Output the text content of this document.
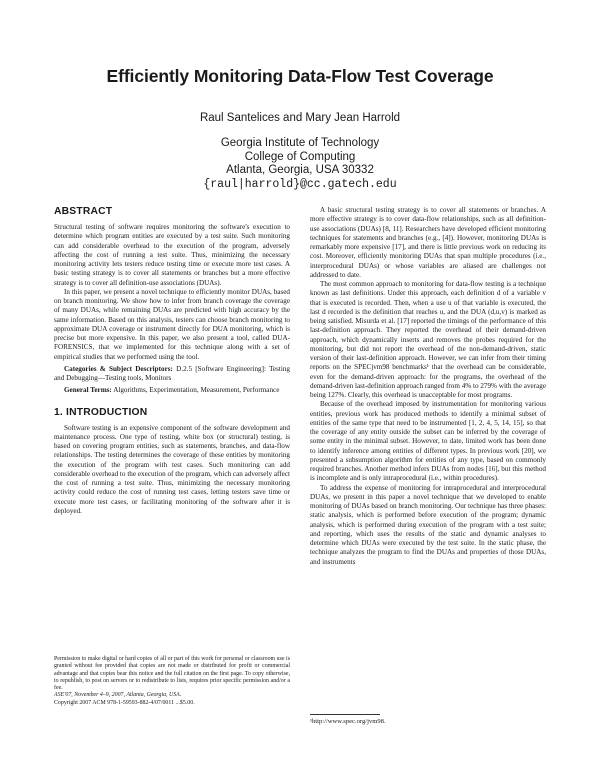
Efficiently Monitoring Data-Flow Test Coverage
Raul Santelices and Mary Jean Harrold
Georgia Institute of Technology
College of Computing
Atlanta, Georgia, USA 30332
{raul|harrold}@cc.gatech.edu
ABSTRACT

Structural testing of software requires monitoring the software's execution to determine which program entities are executed by a test suite. Such monitoring can add considerable overhead to the execution of the program, adversely affecting the cost of running a test suite. Thus, minimizing the necessary monitoring activity lets testers reduce testing time or execute more test cases. A basic testing strategy is to cover all statements or branches but a more effective strategy is to cover all definition-use associations (DUAs).

In this paper, we present a novel technique to efficiently monitor DUAs, based on branch monitoring. We show how to infer from branch coverage the coverage of many DUAs, while remaining DUAs are predicted with high accuracy by the same information. Based on this analysis, testers can choose branch monitoring to approximate DUA coverage or instrument directly for DUA monitoring, which is precise but more expensive. In this paper, we also present a tool, called DUA-FORENSICS, that we implemented for this technique along with a set of empirical studies that we performed using the tool.

Categories & Subject Descriptors: D.2.5 [Software Engineering]: Testing and Debugging—Testing tools, Monitors

General Terms: Algorithms, Experimentation, Measurement, Performance

1. INTRODUCTION

Software testing is an expensive component of the software development and maintenance process. One type of testing, white box (or structural) testing, is based on covering program entities, such as statements, branches, and data-flow relationships. The testing determines the coverage of these entities by monitoring the execution of the program with test cases. Such monitoring can add considerable overhead to the execution of the program, which can adversely affect the cost of running a test suite. Thus, minimizing the necessary monitoring activity could reduce the cost of running test cases, letting testers save time or execute more test cases, or facilitating monitoring of the software after it is deployed.

Permission to make digital or hard copies of all or part of this work for personal or classroom use is granted without fee provided that copies are not made or distributed for profit or commercial advantage and that copies bear this notice and the full citation on the first page. To copy otherwise, to republish, to post on servers or to redistribute to lists, requires prior specific permission and/or a fee.
ASE'07, November 4–9, 2007, Atlanta, Georgia, USA.
Copyright 2007 ACM 978-1-59593-882-4/07/0011 ...$5.00.

A basic structural testing strategy is to cover all statements or branches. A more effective strategy is to cover data-flow relationships, such as all definition-use associations (DUAs) [8, 11]. Researchers have developed efficient monitoring techniques for statements and branches (e.g., [4]). However, monitoring DUAs is remarkably more expensive [17], and there is little previous work on reducing its cost. Moreover, efficiently monitoring DUAs that span multiple procedures (i.e., interprocedural DUAs) or whose variables are aliased are challenges not addressed to date.

The most common approach to monitoring for data-flow testing is a technique known as last definitions. Under this approach, each definition d of a variable v that is executed is recorded. Then, when a use u of that variable is executed, the last d recorded is the definition that reaches u, and the DUA (d,u,v) is marked as being satisfied. Misurda et al. [17] reported the timings of the performance of this last-definition approach. They reported the overhead of their demand-driven approach, which dynamically inserts and removes the probes required for the monitoring, but did not report the overhead of the non-demand-driven, static version of their last-definition approach. However, we can infer from their timing reports on the SPECjvm98 benchmarks¹ that the overhead can be considerable, even for the demand-driven approach: for the programs, the overhead of the demand-driven last-definition approach ranged from 4% to 279% with the average being 127%. Clearly, this overhead is unacceptable for most programs.

Because of the overhead imposed by instrumentation for monitoring various entities, previous work has produced methods to identify a minimal subset of entities of the same type that need to be instrumented [1, 2, 4, 5, 14, 15], so that the coverage of any entity outside the subset can be inferred by the coverage of some entity in the minimal subset. However, to date, limited work has been done to identify inference among entities of different types. In previous work [20], we presented a subsumption algorithm for entities of any type, based on commonly required branches. Another method infers DUAs from nodes [16], but this method is incomplete and is only intraprocedural (i.e., within procedures).

To address the expense of monitoring for intraprocedural and interprocedural DUAs, we present in this paper a novel technique that we developed to enable monitoring of DUAs based on branch monitoring. Our technique has three phases: static analysis, which is performed before execution of the program; dynamic analysis, which is performed during execution of the program with a test suite; and reporting, which uses the results of the static and dynamic analyses to determine which DUAs were executed by the test suite. In the static phase, the technique analyzes the program to find the DUAs and properties of those DUAs, and instruments

¹http://www.spec.org/jvm98.
